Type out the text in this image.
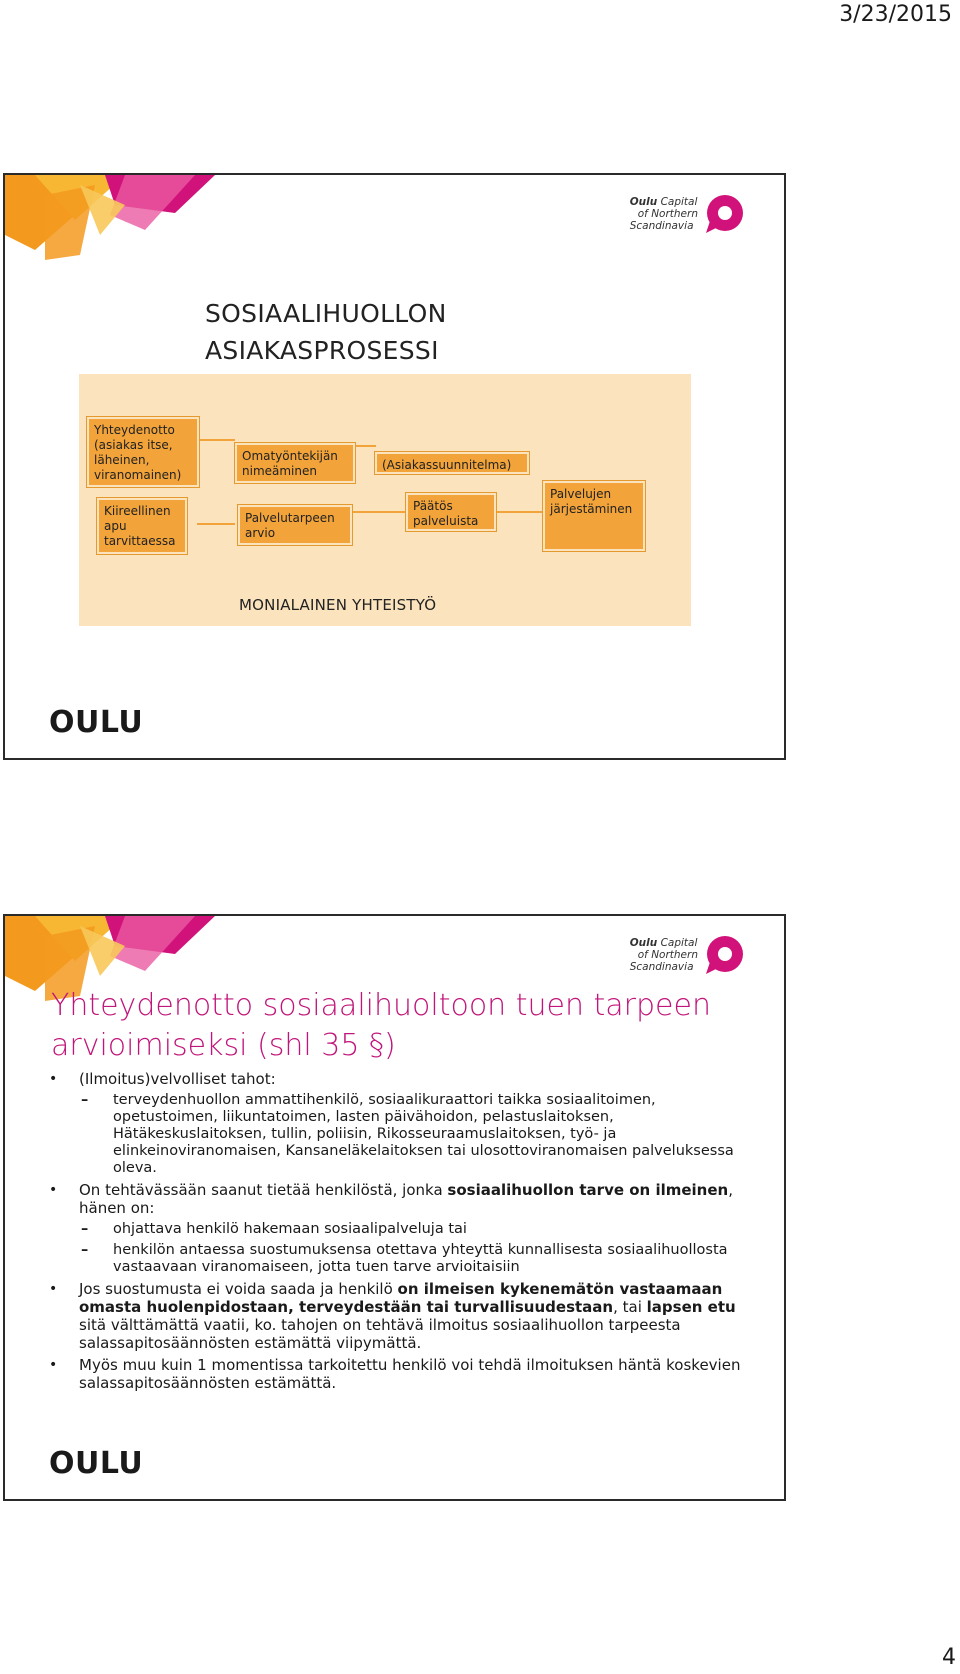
3/23/2015
Oulu Capital
of Northern
Scandinavia
SOSIAALIHUOLLON
ASIAKASPROSESSI
Yhteydenotto (asiakas itse, läheinen, viranomainen)
Kiireellinen apu tarvittaessa
Omatyöntekijän nimeäminen
Palvelutarpeen arvio
(Asiakassuunnitelma)
Päätös palveluista
Palvelujen järjestäminen
MONIALAINEN YHTEISTYÖ
OULU
Oulu Capital
of Northern
Scandinavia
Yhteydenotto sosiaalihuoltoon tuen tarpeen
arvioimiseksi (shl 35 §)
• (Ilmoitus)velvolliset tahot:
– terveydenhuollon ammattihenkilö, sosiaalikuraattori taikka sosiaalitoimen, opetustoimen, liikuntatoimen, lasten päivähoidon, pelastuslaitoksen, Hätäkeskuslaitoksen, tullin, poliisin, Rikosseuraamuslaitoksen, työ- ja elinkeinoviranomaisen, Kansaneläkelaitoksen tai ulosottoviranomaisen palveluksessa oleva.
• On tehtävässään saanut tietää henkilöstä, jonka sosiaalihuollon tarve on ilmeinen, hänen on:
– ohjattava henkilö hakemaan sosiaalipalveluja tai
– henkilön antaessa suostumuksensa otettava yhteyttä kunnallisesta sosiaalihuollosta vastaavaan viranomaiseen, jotta tuen tarve arvioitaisiin
• Jos suostumusta ei voida saada ja henkilö on ilmeisen kykenemätön vastaamaan omasta huolenpidostaan, terveydestään tai turvallisuudestaan, tai lapsen etu sitä välttämättä vaatii, ko. tahojen on tehtävä ilmoitus sosiaalihuollon tarpeesta salassapitosäännösten estämättä viipymättä.
• Myös muu kuin 1 momentissa tarkoitettu henkilö voi tehdä ilmoituksen häntä koskevien salassapitosäännösten estämättä.
OULU
4
